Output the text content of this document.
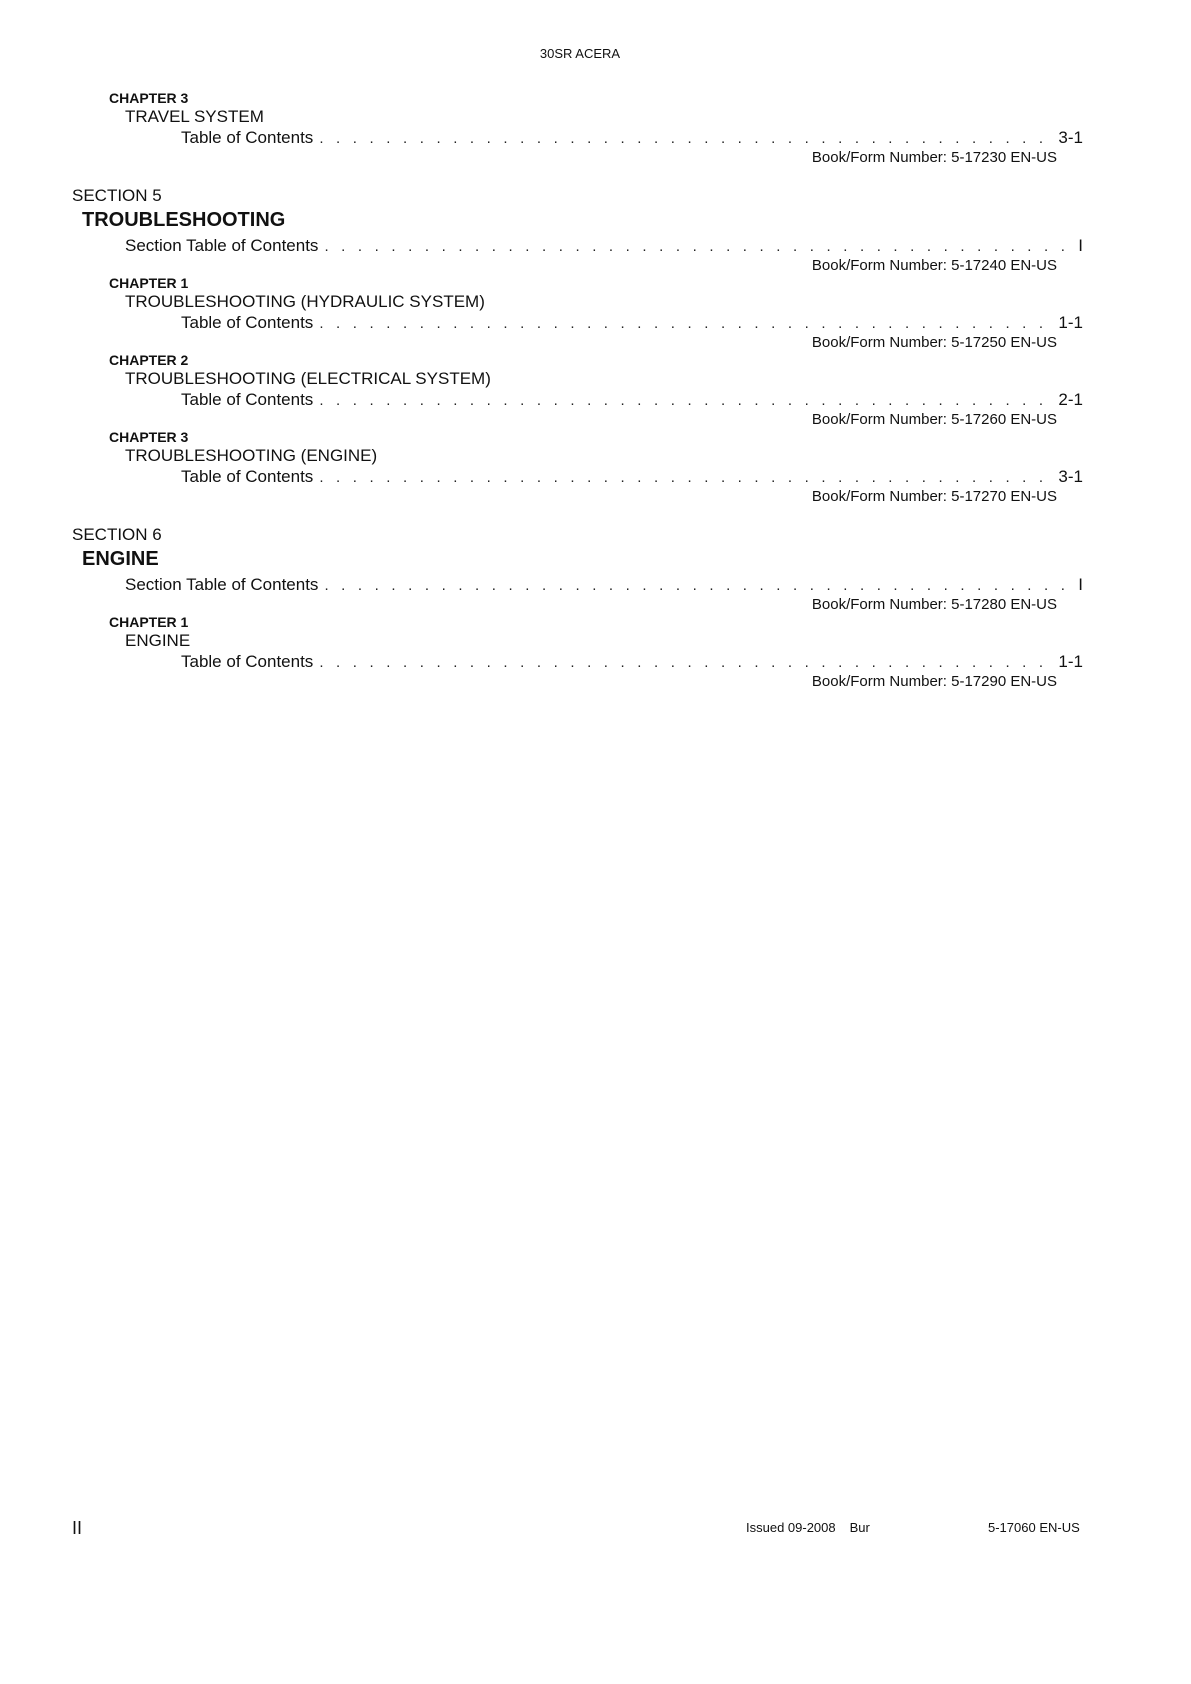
30SR ACERA
CHAPTER 3
TRAVEL SYSTEM
Table of Contents . . .	3-1
Book/Form Number: 5-17230 EN-US
SECTION 5
TROUBLESHOOTING
Section Table of Contents . . .	I
Book/Form Number: 5-17240 EN-US
CHAPTER 1
TROUBLESHOOTING (HYDRAULIC SYSTEM)
Table of Contents . . .	1-1
Book/Form Number: 5-17250 EN-US
CHAPTER 2
TROUBLESHOOTING (ELECTRICAL SYSTEM)
Table of Contents . . .	2-1
Book/Form Number: 5-17260 EN-US
CHAPTER 3
TROUBLESHOOTING (ENGINE)
Table of Contents . . .	3-1
Book/Form Number: 5-17270 EN-US
SECTION 6
ENGINE
Section Table of Contents . . .	I
Book/Form Number: 5-17280 EN-US
CHAPTER 1
ENGINE
Table of Contents . . .	1-1
Book/Form Number: 5-17290 EN-US
II	Issued 09-2008 Bur	5-17060 EN-US
